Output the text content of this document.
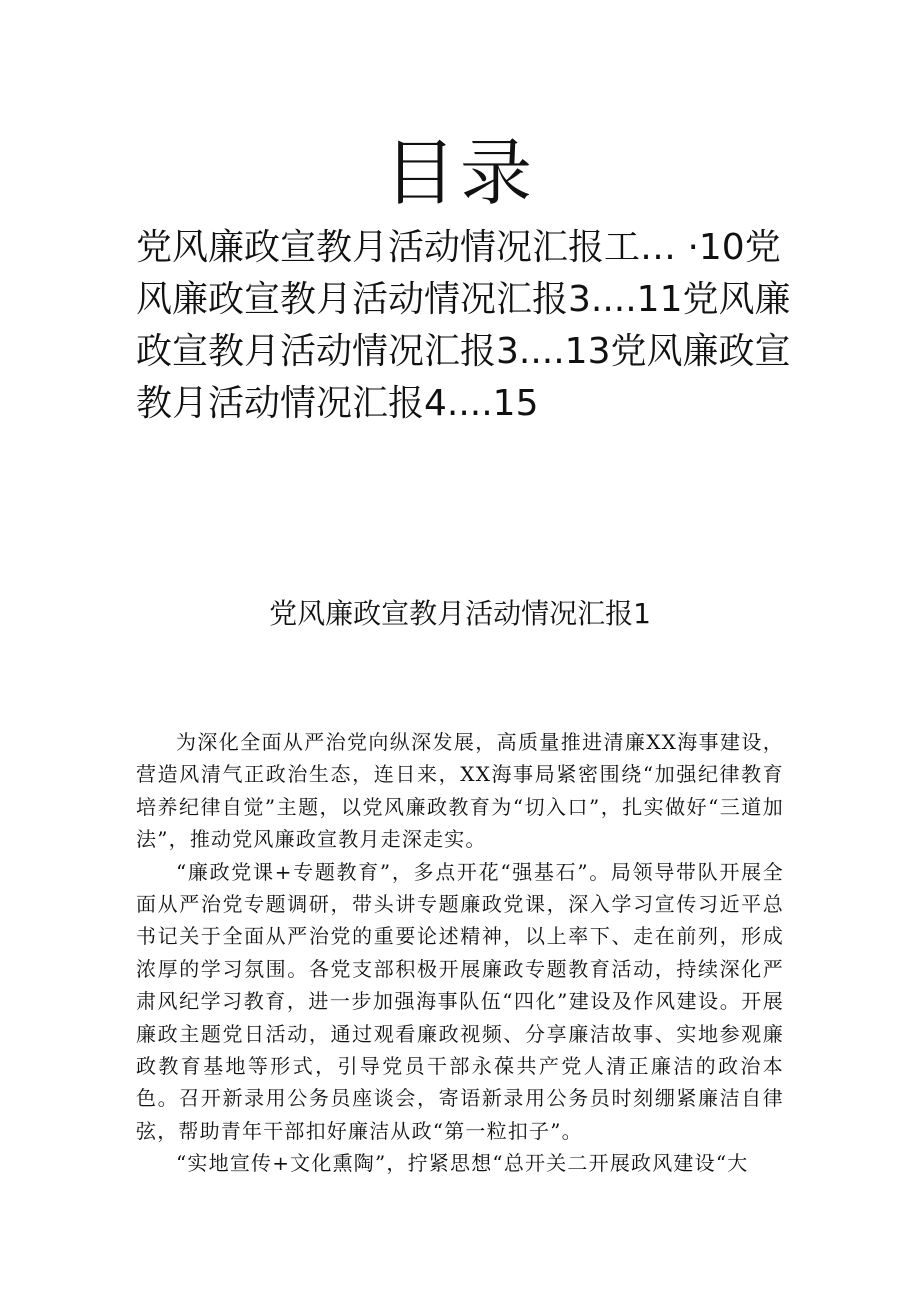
目录
党风廉政宣教月活动情况汇报工… ·10党风廉政宣教月活动情况汇报3....11党风廉政宣教月活动情况汇报3....13党风廉政宣教月活动情况汇报4....15
党风廉政宣教月活动情况汇报1

为深化全面从严治党向纵深发展，高质量推进清廉XX海事建设，营造风清气正政治生态，连日来，XX海事局紧密围绕“加强纪律教育培养纪律自觉”主题，以党风廉政教育为“切入口”，扎实做好“三道加法”，推动党风廉政宣教月走深走实。

“廉政党课+专题教育”，多点开花“强基石”。局领导带队开展全面从严治党专题调研，带头讲专题廉政党课，深入学习宣传习近平总书记关于全面从严治党的重要论述精神，以上率下、走在前列，形成浓厚的学习氛围。各党支部积极开展廉政专题教育活动，持续深化严肃风纪学习教育，进一步加强海事队伍“四化”建设及作风建设。开展廉政主题党日活动，通过观看廉政视频、分享廉洁故事、实地参观廉政教育基地等形式，引导党员干部永葆共产党人清正廉洁的政治本色。召开新录用公务员座谈会，寄语新录用公务员时刻绷紧廉洁自律弦，帮助青年干部扣好廉洁从政“第一粒扣子”。

“实地宣传+文化熏陶”，拧紧思想“总开关二开展政风建设“大
